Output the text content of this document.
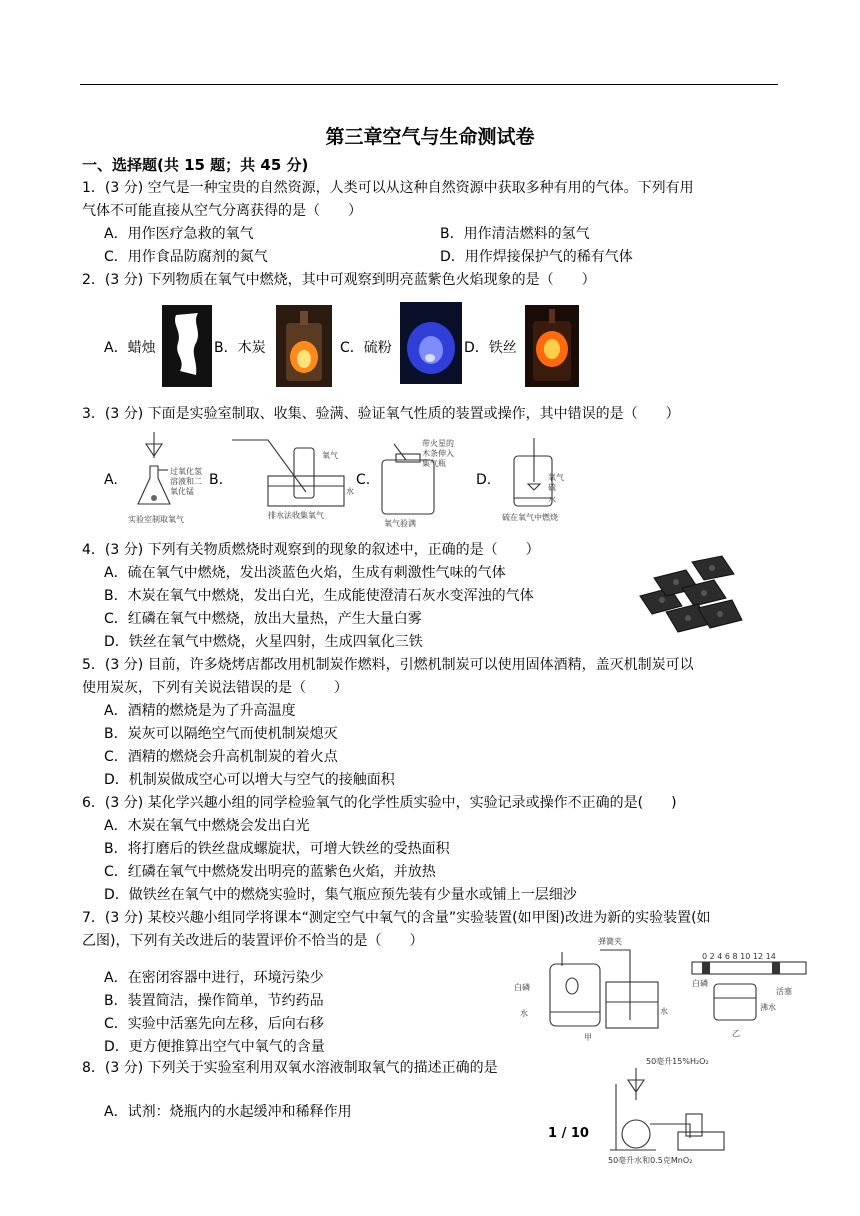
第三章空气与生命测试卷
一、选择题(共 15 题；共 45 分)
1．(3 分) 空气是一种宝贵的自然资源，人类可以从这种自然资源中获取多种有用的气体。下列有用
气体不可能直接从空气分离获得的是（　　）
A．用作医疗急救的氧气	B．用作清洁燃料的氢气
C．用作食品防腐剂的氮气	D．用作焊接保护气的稀有气体
2．(3 分) 下列物质在氧气中燃烧，其中可观察到明亮蓝紫色火焰现象的是（　　）
A．蜡烛	B．木炭	C．硫粉	D．铁丝
3．(3 分) 下面是实验室制取、收集、验满、验证氧气性质的装置或操作，其中错误的是（　　）
A.
过氧化氢
溶液和二
氧化锰
实验室制取氧气
B.
氧气
水
排水法收集氧气
C.
带火星的
木条伸入
集气瓶
氧气验满
D.	氧气
硫
水
硫在氧气中燃烧
4．(3 分) 下列有关物质燃烧时观察到的现象的叙述中，正确的是（　　）
A．硫在氧气中燃烧，发出淡蓝色火焰，生成有刺激性气味的气体
B．木炭在氧气中燃烧，发出白光，生成能使澄清石灰水变浑浊的气体
C．红磷在氧气中燃烧，放出大量热，产生大量白雾
D．铁丝在氧气中燃烧，火星四射，生成四氧化三铁
5．(3 分) 目前，许多烧烤店都改用机制炭作燃料，引燃机制炭可以使用固体酒精，盖灭机制炭可以
使用炭灰，下列有关说法错误的是（　　）
A．酒精的燃烧是为了升高温度
B．炭灰可以隔绝空气而使机制炭熄灭
C．酒精的燃烧会升高机制炭的着火点
D．机制炭做成空心可以增大与空气的接触面积
6．(3 分) 某化学兴趣小组的同学检验氧气的化学性质实验中，实验记录或操作不正确的是(　　)
A．木炭在氧气中燃烧会发出白光
B．将打磨后的铁丝盘成螺旋状，可增大铁丝的受热面积
C．红磷在氧气中燃烧发出明亮的蓝紫色火焰，并放热
D．做铁丝在氧气中的燃烧实验时，集气瓶应预先装有少量水或铺上一层细沙
7．(3 分) 某校兴趣小组同学将课本“测定空气中氧气的含量”实验装置(如甲图)改进为新的实验装置(如
乙图)，下列有关改进后的装置评价不恰当的是（　　）
A．在密闭容器中进行，环境污染少
B．装置简洁，操作简单，节约药品
C．实验中活塞先向左移，后向右移
D．更方便推算出空气中氧气的含量
弹簧夹
白磷
水	水
甲
0 2 4 6 8 10 12 14
白磷
活塞
沸水
乙
8．(3 分) 下列关于实验室利用双氧水溶液制取氧气的描述正确的是
A．试剂：烧瓶内的水起缓冲和稀释作用
50毫升15%H₂O₂
50毫升水和0.5克MnO₂
1 / 10
